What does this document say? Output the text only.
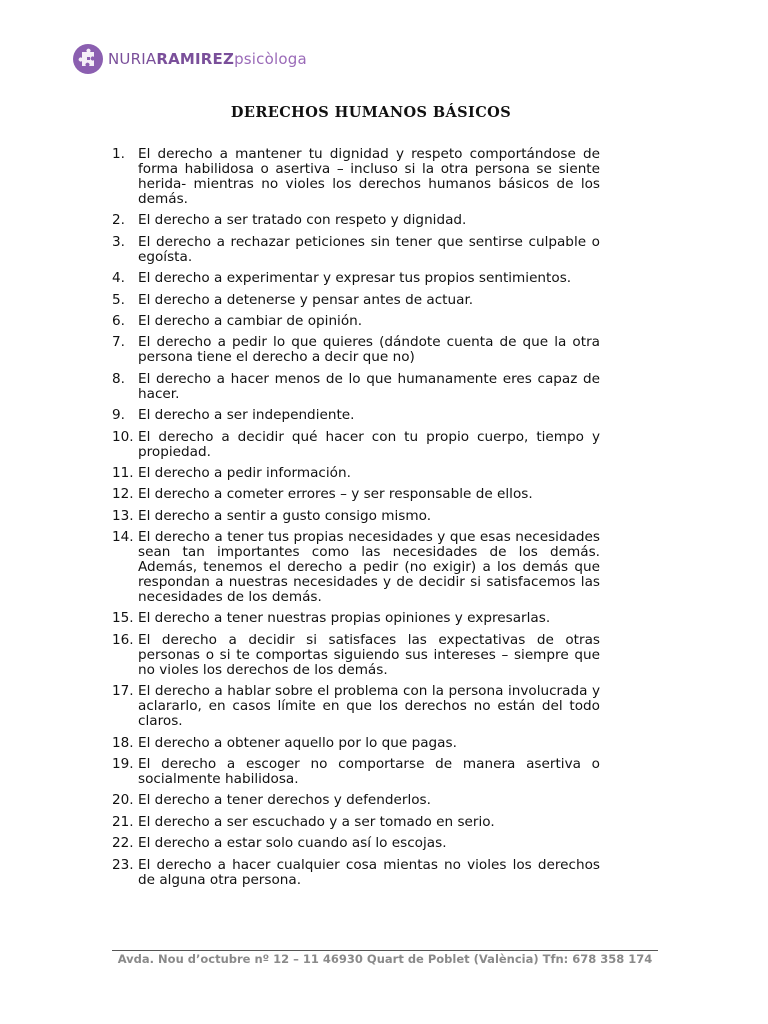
NURIARAMIREZpsicòloga
DERECHOS HUMANOS BÁSICOS
1. El derecho a mantener tu dignidad y respeto comportándose de forma habilidosa o asertiva – incluso si la otra persona se siente herida- mientras no violes los derechos humanos básicos de los demás.
2. El derecho a ser tratado con respeto y dignidad.
3. El derecho a rechazar peticiones sin tener que sentirse culpable o egoísta.
4. El derecho a experimentar y expresar tus propios sentimientos.
5. El derecho a detenerse y pensar antes de actuar.
6. El derecho a cambiar de opinión.
7. El derecho a pedir lo que quieres (dándote cuenta de que la otra persona tiene el derecho a decir que no)
8. El derecho a hacer menos de lo que humanamente eres capaz de hacer.
9. El derecho a ser independiente.
10. El derecho a decidir qué hacer con tu propio cuerpo, tiempo y propiedad.
11. El derecho a pedir información.
12. El derecho a cometer errores – y ser responsable de ellos.
13. El derecho a sentir a gusto consigo mismo.
14. El derecho a tener tus propias necesidades y que esas necesidades sean tan importantes como las necesidades de los demás. Además, tenemos el derecho a pedir (no exigir) a los demás que respondan a nuestras necesidades y de decidir si satisfacemos las necesidades de los demás.
15. El derecho a tener nuestras propias opiniones y expresarlas.
16. El derecho a decidir si satisfaces las expectativas de otras personas o si te comportas siguiendo sus intereses – siempre que no violes los derechos de los demás.
17. El derecho a hablar sobre el problema con la persona involucrada y aclararlo, en casos límite en que los derechos no están del todo claros.
18. El derecho a obtener aquello por lo que pagas.
19. El derecho a escoger no comportarse de manera asertiva o socialmente habilidosa.
20. El derecho a tener derechos y defenderlos.
21. El derecho a ser escuchado y a ser tomado en serio.
22. El derecho a estar solo cuando así lo escojas.
23. El derecho a hacer cualquier cosa mientas no violes los derechos de alguna otra persona.
Avda. Nou d’octubre nº 12 – 11 46930 Quart de Poblet (València) Tfn: 678 358 174
